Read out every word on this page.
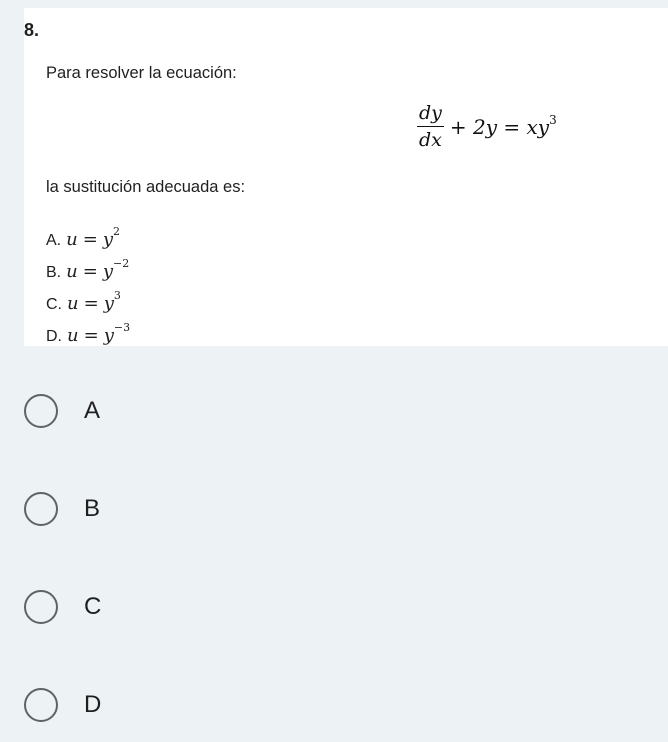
8.
Para resolver la ecuación:
$\frac{dy}{dx} + 2y = xy^3$
la sustitución adecuada es:
A. $u = y^2$
B. $u = y^{-2}$
C. $u = y^3$
D. $u = y^{-3}$
A
B
C
D
